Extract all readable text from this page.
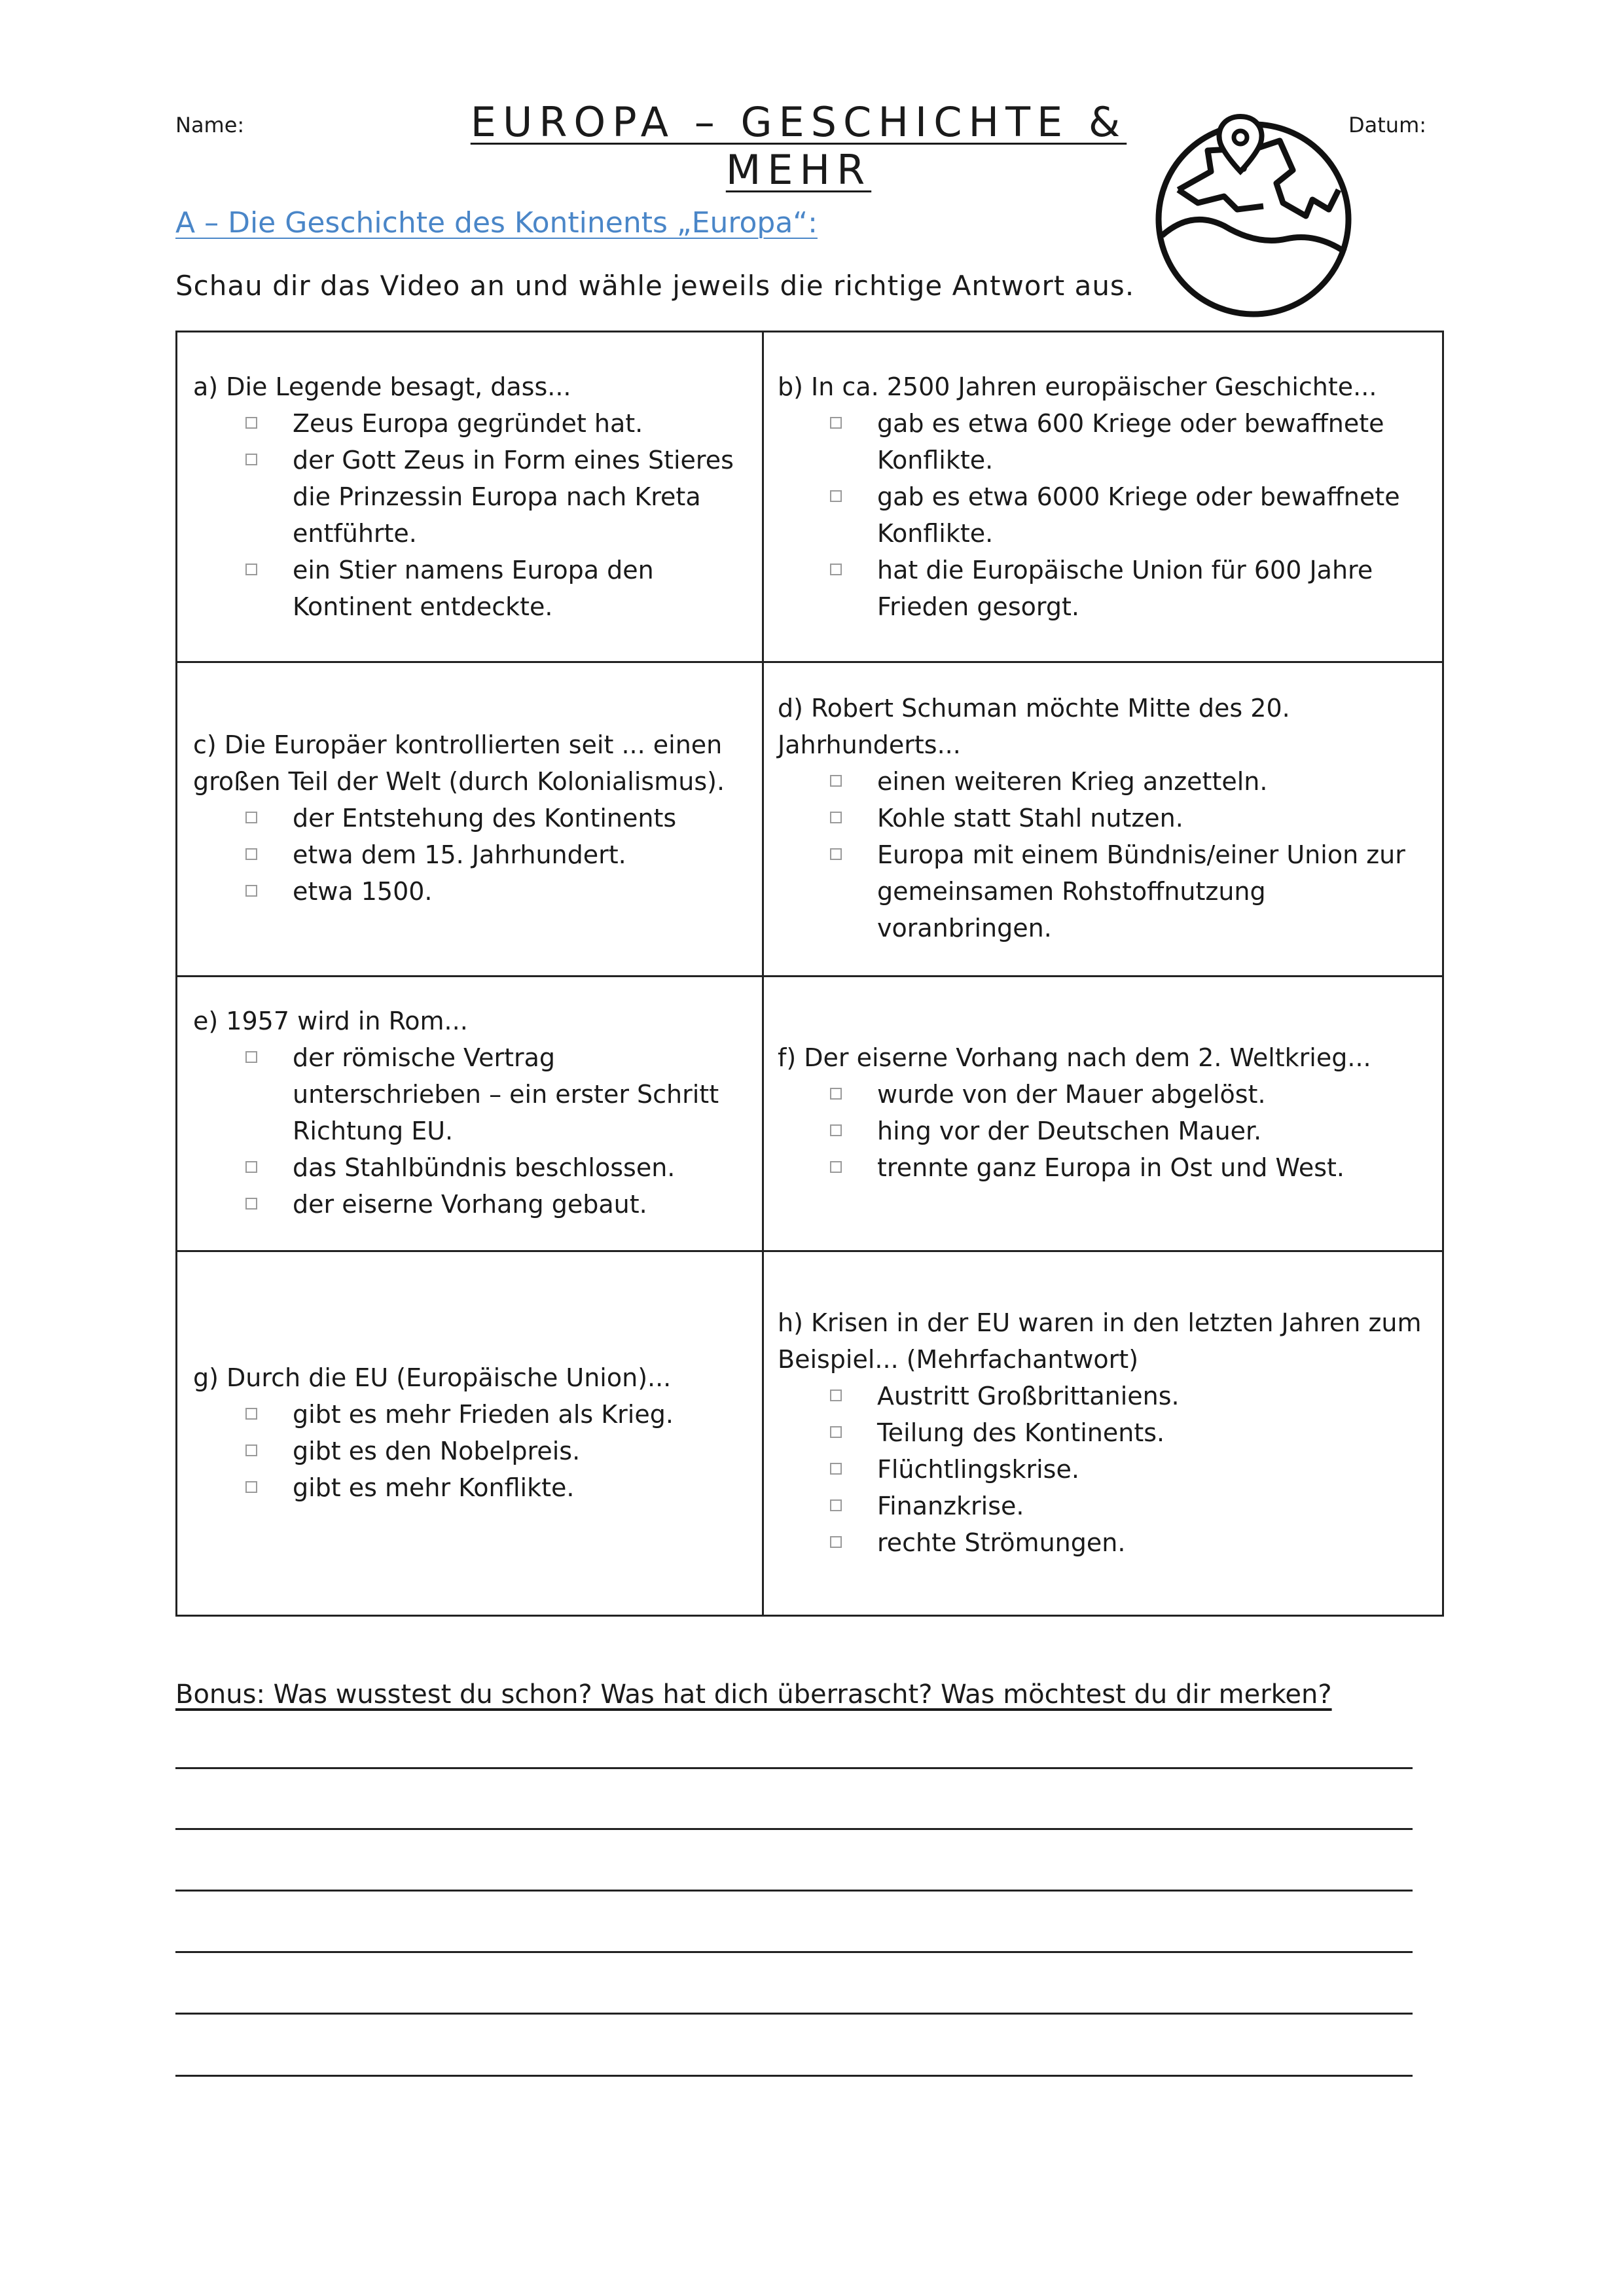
Name:	EUROPA – GESCHICHTE & MEHR
Datum:
A – Die Geschichte des Kontinents „Europa“:
Schau dir das Video an und wähle jeweils die richtige Antwort aus.
a) Die Legende besagt, dass...
Zeus Europa gegründet hat.
der Gott Zeus in Form eines Stieres die Prinzessin Europa nach Kreta entführte.
ein Stier namens Europa den Kontinent entdeckte.
b) In ca. 2500 Jahren europäischer Geschichte...
gab es etwa 600 Kriege oder bewaffnete Konflikte.
gab es etwa 6000 Kriege oder bewaffnete Konflikte.
hat die Europäische Union für 600 Jahre Frieden gesorgt.
c) Die Europäer kontrollierten seit ... einen großen Teil der Welt (durch Kolonialismus).
der Entstehung des Kontinents
etwa dem 15. Jahrhundert.
etwa 1500.
d) Robert Schuman möchte Mitte des 20. Jahrhunderts...
einen weiteren Krieg anzetteln.
Kohle statt Stahl nutzen.
Europa mit einem Bündnis/einer Union zur gemeinsamen Rohstoffnutzung voranbringen.
e) 1957 wird in Rom...
der römische Vertrag unterschrieben – ein erster Schritt Richtung EU.
das Stahlbündnis beschlossen.
der eiserne Vorhang gebaut.
f) Der eiserne Vorhang nach dem 2. Weltkrieg...
wurde von der Mauer abgelöst.
hing vor der Deutschen Mauer.
trennte ganz Europa in Ost und West.
g) Durch die EU (Europäische Union)...
gibt es mehr Frieden als Krieg.
gibt es den Nobelpreis.
gibt es mehr Konflikte.
h) Krisen in der EU waren in den letzten Jahren zum Beispiel... (Mehrfachantwort)
Austritt Großbrittaniens.
Teilung des Kontinents.
Flüchtlingskrise.
Finanzkrise.
rechte Strömungen.
Bonus: Was wusstest du schon? Was hat dich überrascht? Was möchtest du dir merken?
